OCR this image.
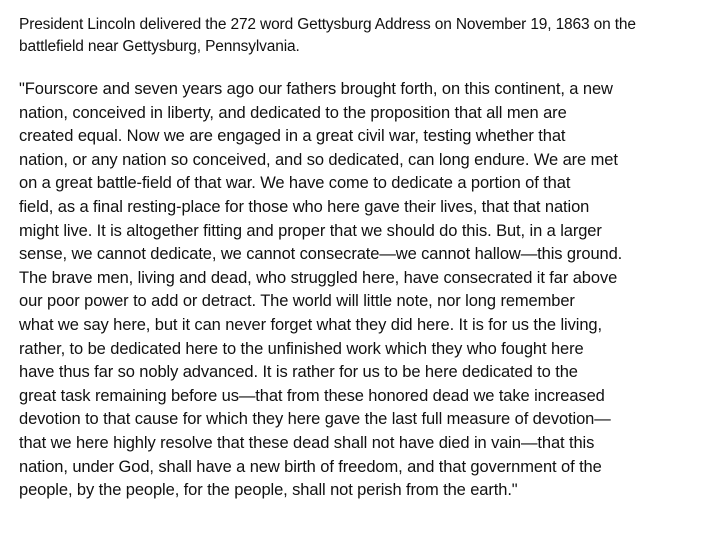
President Lincoln delivered the 272 word Gettysburg Address on November 19, 1863 on the
battlefield near Gettysburg, Pennsylvania.

"Fourscore and seven years ago our fathers brought forth, on this continent, a new
nation, conceived in liberty, and dedicated to the proposition that all men are
created equal. Now we are engaged in a great civil war, testing whether that
nation, or any nation so conceived, and so dedicated, can long endure. We are met
on a great battle-field of that war. We have come to dedicate a portion of that
field, as a final resting-place for those who here gave their lives, that that nation
might live. It is altogether fitting and proper that we should do this. But, in a larger
sense, we cannot dedicate, we cannot consecrate—we cannot hallow—this ground.
The brave men, living and dead, who struggled here, have consecrated it far above
our poor power to add or detract. The world will little note, nor long remember
what we say here, but it can never forget what they did here. It is for us the living,
rather, to be dedicated here to the unfinished work which they who fought here
have thus far so nobly advanced. It is rather for us to be here dedicated to the
great task remaining before us—that from these honored dead we take increased
devotion to that cause for which they here gave the last full measure of devotion—
that we here highly resolve that these dead shall not have died in vain—that this
nation, under God, shall have a new birth of freedom, and that government of the
people, by the people, for the people, shall not perish from the earth."
